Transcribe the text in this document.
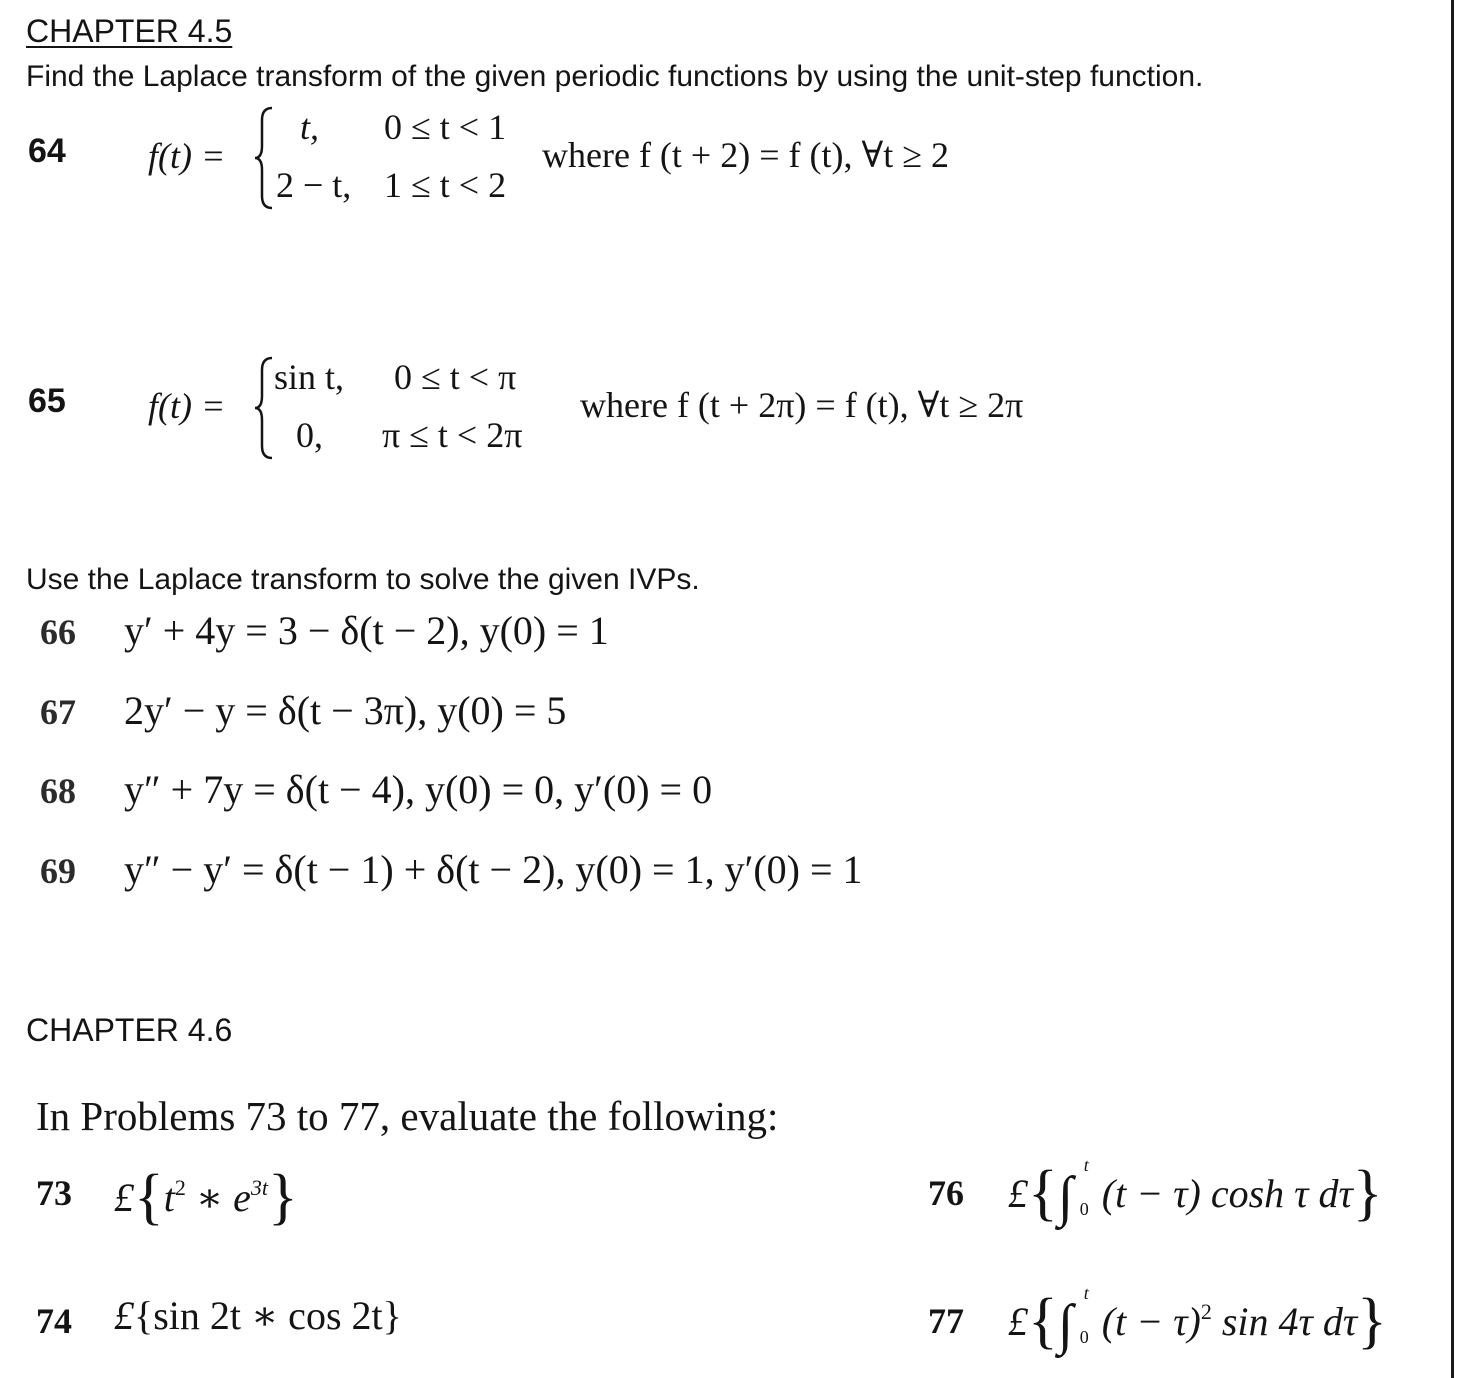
CHAPTER 4.5
Find the Laplace transform of the given periodic functions by using the unit-step function.
64 f(t) =
t, 0 ≤ t < 1
2 − t, 1 ≤ t < 2
where f (t + 2) = f (t), ∀t ≥ 2
65 f(t) =
sin t, 0 ≤ t < π
0, π ≤ t < 2π
where f (t + 2π) = f (t), ∀t ≥ 2π
Use the Laplace transform to solve the given IVPs.
66 y′ + 4y = 3 − δ(t − 2), y(0) = 1
67 2y′ − y = δ(t − 3π), y(0) = 5
68 y″ + 7y = δ(t − 4), y(0) = 0, y′(0) = 0
69 y″ − y′ = δ(t − 1) + δ(t − 2), y(0) = 1, y′(0) = 1
CHAPTER 4.6
In Problems 73 to 77, evaluate the following:
73 $£\{t^2$ ∗ $e^{3t}$}
74 £{sin 2t ∗ cos 2t}
76 £{∫
t
0 (t − τ) cosh τ dτ}
77 £{∫
t
0 $(t - \tau)^2$ sin 4τ dτ}
